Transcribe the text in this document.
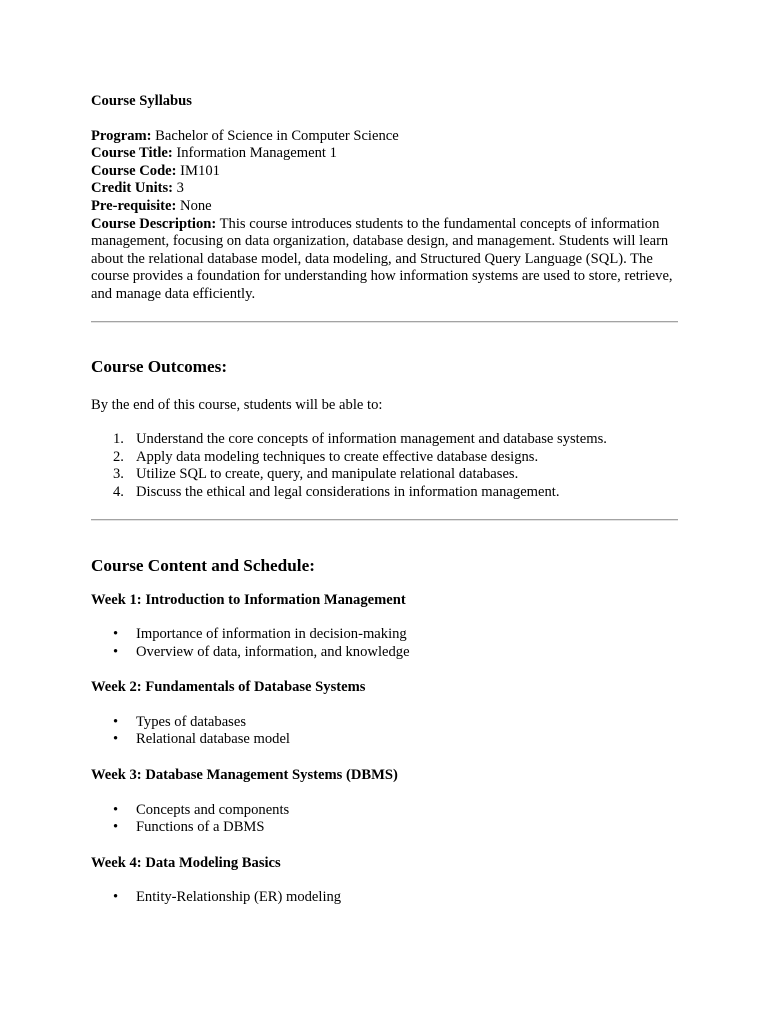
Course Syllabus

Program: Bachelor of Science in Computer Science

Course Title: Information Management 1

Course Code: IM101

Credit Units: 3

Pre-requisite: None

Course Description: This course introduces students to the fundamental concepts of information management, focusing on data organization, database design, and management. Students will learn about the relational database model, data modeling, and Structured Query Language (SQL). The course provides a foundation for understanding how information systems are used to store, retrieve, and manage data efficiently.

Course Outcomes:

By the end of this course, students will be able to:

1. Understand the core concepts of information management and database systems.
2. Apply data modeling techniques to create effective database designs.
3. Utilize SQL to create, query, and manipulate relational databases.
4. Discuss the ethical and legal considerations in information management.

Course Content and Schedule:

Week 1: Introduction to Information Management

• Importance of information in decision-making
• Overview of data, information, and knowledge

Week 2: Fundamentals of Database Systems

• Types of databases
• Relational database model

Week 3: Database Management Systems (DBMS)

• Concepts and components
• Functions of a DBMS

Week 4: Data Modeling Basics

• Entity-Relationship (ER) modeling
